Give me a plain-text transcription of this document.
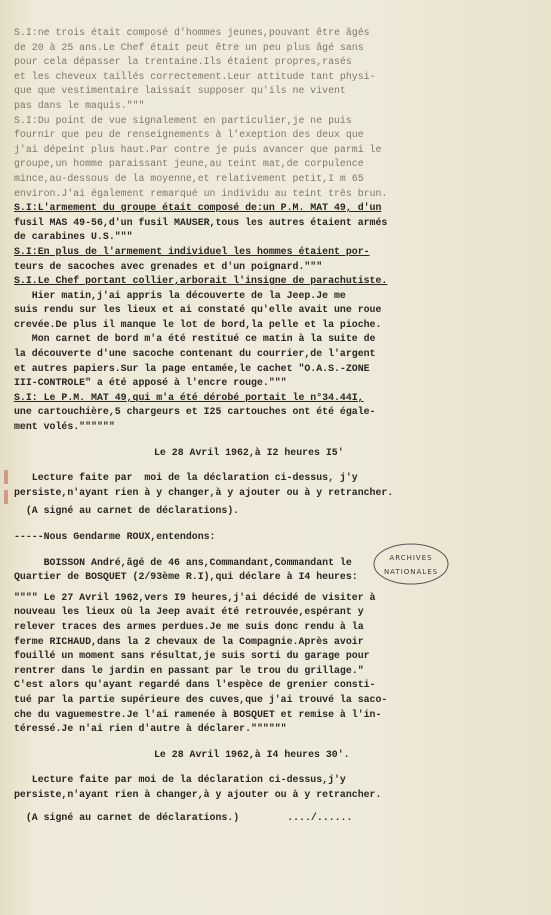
S.I:ne trois était composé d'hommes jeunes,pouvant être âgés
de 20 à 25 ans.Le Chef était peut être un peu plus âgé sans
pour cela dépasser la trentaine.Ils étaient propres,rasés
et les cheveux taillés correctement.Leur attitude tant physi-
que que vestimentaire laissait supposer qu'ils ne vivent
pas dans le maquis."""
S.I:Du point de vue signalement en particulier,je ne puis
fournir que peu de renseignements à l'exeption des deux que
j'ai dépeint plus haut.Par contre je puis avancer que parmi le
groupe,un homme paraissant jeune,au teint mat,de corpulence
mince,au-dessous de la moyenne,et relativement petit,I m 65
environ.J'ai également remarqué un individu au teint très brun.
S.I:L'armement du groupe était composé de:un P.M. MAT 49, d'un
fusil MAS 49-56,d'un fusil MAUSER,tous les autres étaient armés
de carabines U.S."""
S.I:En plus de l'armement individuel les hommes étaient por-
teurs de sacoches avec grenades et d'un poignard."""
S.I.Le Chef portant collier,arborait l'insigne de parachutiste.
Hier matin,j'ai appris la découverte de la Jeep.Je me
suis rendu sur les lieux et ai constaté qu'elle avait une roue
crevée.De plus il manque le lot de bord,la pelle et la pioche.
Mon carnet de bord m'a été restitué ce matin à la suite de
la découverte d'une sacoche contenant du courrier,de l'argent
et autres papiers.Sur la page entamée,le cachet "O.A.S.-ZONE
III-CONTROLE" a été apposé à l'encre rouge."""
S.I: Le P.M. MAT 49,qui m'a été dérobé portait le n°34.44I,
une cartouchière,5 chargeurs et I25 cartouches ont été égale-
ment volés.""""""
Le 28 Avril 1962,à I2 heures I5'
Lecture faite par  moi de la déclaration ci-dessus, j'y
persiste,n'ayant rien à y changer,à y ajouter ou à y retrancher.
(A signé au carnet de déclarations).
-----Nous Gendarme ROUX,entendons:
BOISSON André,âgé de 46 ans,Commandant,Commandant le
Quartier de BOSQUET (2/93ème R.I),qui déclare à I4 heures:
"""" Le 27 Avril 1962,vers I9 heures,j'ai décidé de visiter à
nouveau les lieux où la Jeep avait été retrouvée,espérant y
relever traces des armes perdues.Je me suis donc rendu à la
ferme RICHAUD,dans la 2 chevaux de la Compagnie.Après avoir
fouillé un moment sans résultat,je suis sorti du garage pour
rentrer dans le jardin en passant par le trou du grillage."
C'est alors qu'ayant regardé dans l'espèce de grenier consti-
tué par la partie supérieure des cuves,que j'ai trouvé la saco-
che du vaguemestre.Je l'ai ramenée à BOSQUET et remise à l'in-
téressé.Je n'ai rien d'autre à déclarer.""""""
Le 28 Avril 1962,à I4 heures 30'.
Lecture faite par moi de la déclaration ci-dessus,j'y
persiste,n'ayant rien à changer,à y ajouter ou à y retrancher.
(A signé au carnet de déclarations.)	..../......
ARCHIVES
NATIONALES
